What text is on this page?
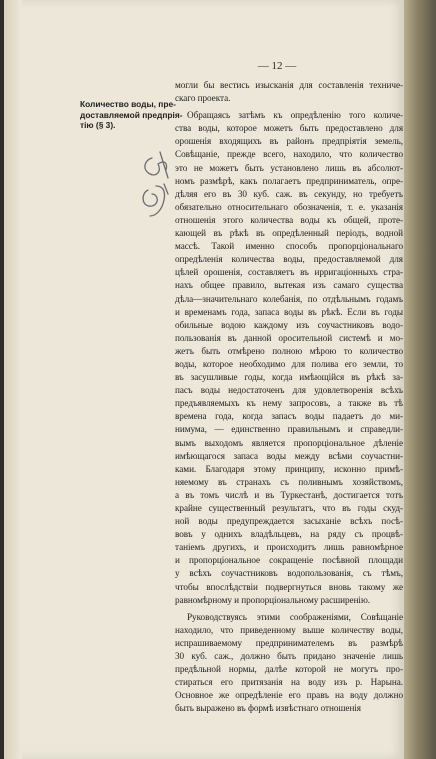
— 12 —
Количество воды, пре-
доставляемой предпрія-
тію (§ 3).
могли бы вестись изысканія для составленія техниче-
скаго проекта.
Обращаясь затѣмъ къ опредѣленію того количе-
ства воды, которое можетъ быть предоставлено для
орошенія входящихъ въ районъ предпріятія земель,
Совѣщаніе, прежде всего, находило, что количество
это не можетъ быть установлено лишь въ абсолют-
номъ размѣрѣ, какъ полагаетъ предприниматель, опре-
дѣляя его въ 30 куб. саж. въ секунду, но требуетъ
обязательно относительнаго обозначенія, т. е. указанія
отношенія этого количества воды къ общей, проте-
кающей въ рѣкѣ въ опредѣленный періодъ, водной
массѣ. Такой именно способъ пропорціональнаго
опредѣленія количества воды, предоставляемой для
цѣлей орошенія, составляетъ въ ирригаціонныхъ стра-
нахъ общее правило, вытекая изъ самаго существа
дѣла—значительнаго колебанія, по отдѣльнымъ годамъ
и временамъ года, запаса воды въ рѣкѣ. Если въ годы
обильные водою каждому изъ соучастниковъ водо-
пользованія въ данной оросительной системѣ и мо-
жетъ быть отмѣрено полною мѣрою то количество
воды, которое необходимо для полива его земли, то
въ засушливые годы, когда имѣющійся въ рѣкѣ за-
пасъ воды недостаточенъ для удовлетворенія всѣхъ
предъявляемыхъ къ нему запросовъ, а также въ тѣ
времена года, когда запасъ воды падаетъ до ми-
нимума, — единственно правильнымъ и справедли-
вымъ выходомъ является пропорціональное дѣленіе
имѣющагося запаса воды между всѣми соучастни-
ками. Благодаря этому принципу, исконно примѣ-
няемому въ странахъ съ поливнымъ хозяйствомъ,
а въ томъ числѣ и въ Туркестанѣ, достигается тотъ
крайне существенный результатъ, что въ годы скуд-
ной воды предупреждается засыханіе всѣхъ посѣ-
вовъ у однихъ владѣльцевъ, на ряду съ процвѣ-
таніемъ другихъ, и происходитъ лишь равномѣрное
и пропорціональное сокращеніе посѣвной площади
у всѣхъ соучастниковъ водопользованія, съ тѣмъ,
чтобы впослѣдствіи подвергнуться вновь такому же
равномѣрному и пропорціональному расширенію.
Руководствуясь этими соображеніями, Совѣщаніе
находило, что приведенному выше количеству воды,
испрашиваемому предпринимателемъ въ размѣрѣ
30 куб. саж., должно быть придано значеніе лишь
предѣльной нормы, далѣе которой не могутъ про-
стираться его притязанія на воду изъ р. Нарына.
Основное же опредѣленіе его правъ на воду должно
быть выражено въ формѣ извѣстнаго отношенія
